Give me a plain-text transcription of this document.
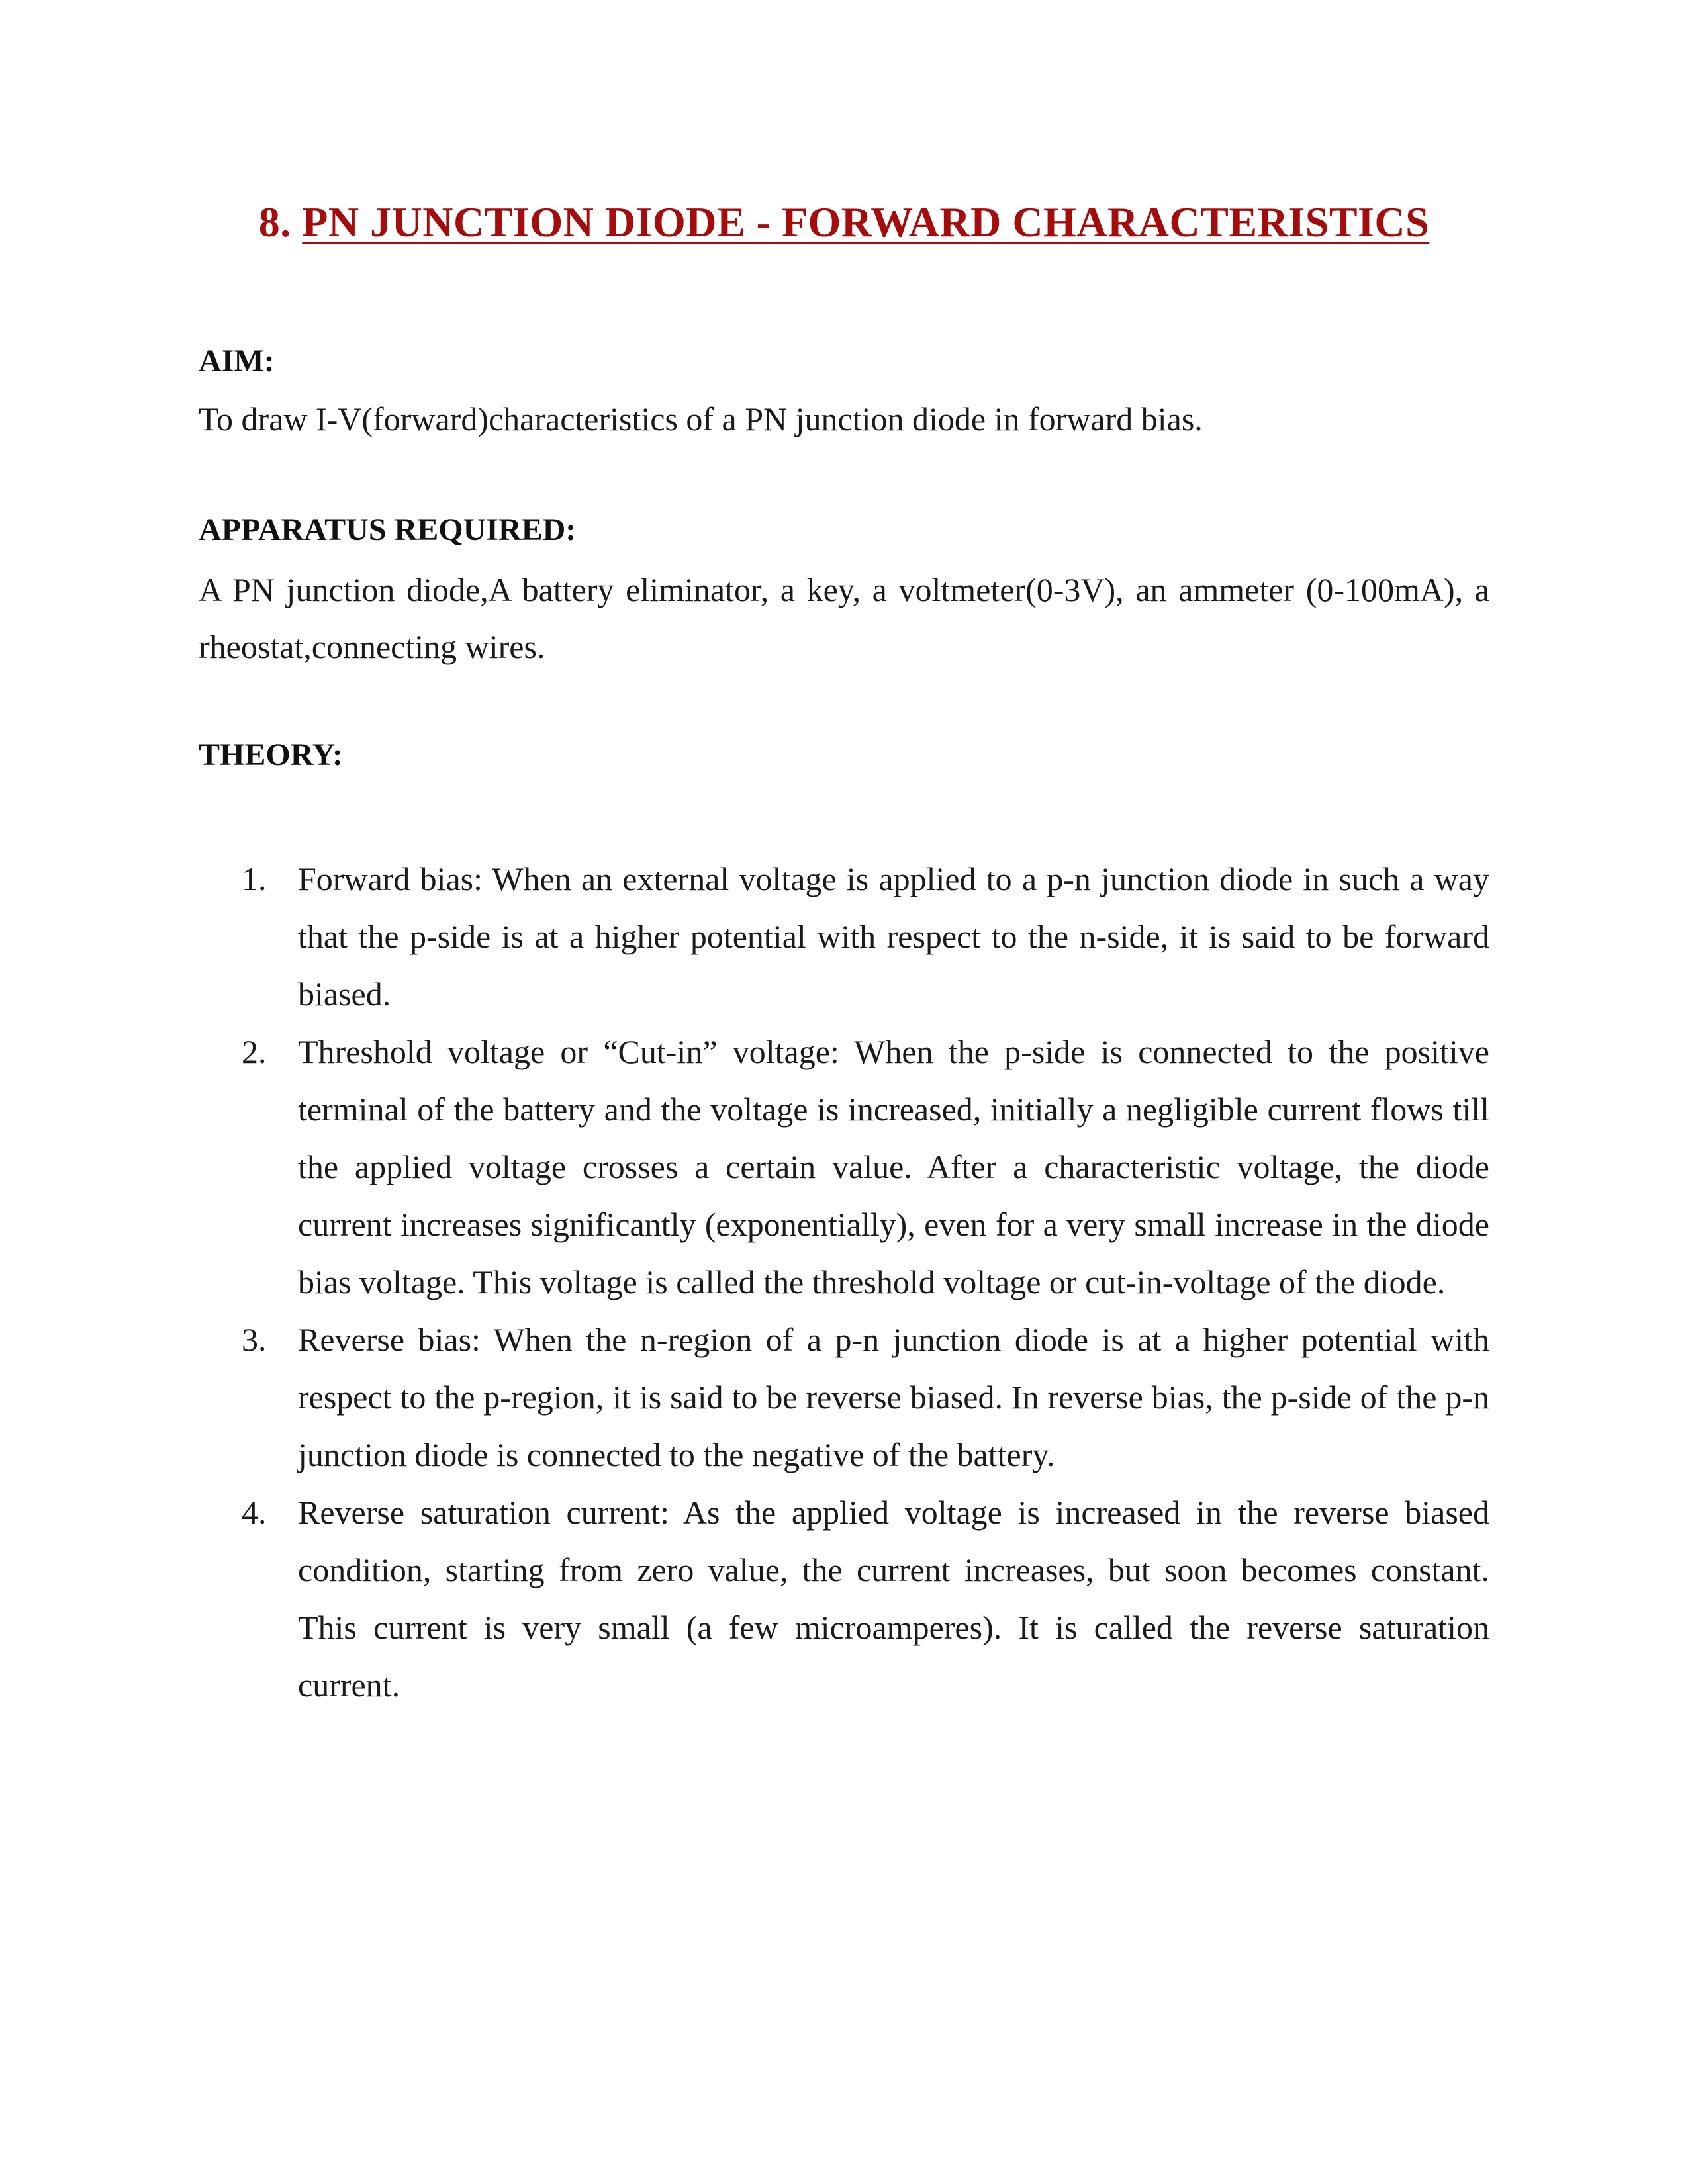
8. PN JUNCTION DIODE - FORWARD CHARACTERISTICS
AIM:
To draw I-V(forward)characteristics of a PN junction diode in forward bias.
APPARATUS REQUIRED:
A PN junction diode,A battery eliminator, a key, a voltmeter(0-3V), an ammeter (0-100mA), a rheostat,connecting wires.
THEORY:
1. Forward bias: When an external voltage is applied to a p-n junction diode in such a way that the p-side is at a higher potential with respect to the n-side, it is said to be forward biased.
2. Threshold voltage or “Cut-in” voltage: When the p-side is connected to the positive terminal of the battery and the voltage is increased, initially a negligible current flows till the applied voltage crosses a certain value. After a characteristic voltage, the diode current increases significantly (exponentially), even for a very small increase in the diode bias voltage. This voltage is called the threshold voltage or cut-in-voltage of the diode.
3. Reverse bias: When the n-region of a p-n junction diode is at a higher potential with respect to the p-region, it is said to be reverse biased. In reverse bias, the p-side of the p-n junction diode is connected to the negative of the battery.
4. Reverse saturation current: As the applied voltage is increased in the reverse biased condition, starting from zero value, the current increases, but soon becomes constant. This current is very small (a few microamperes). It is called the reverse saturation current.
